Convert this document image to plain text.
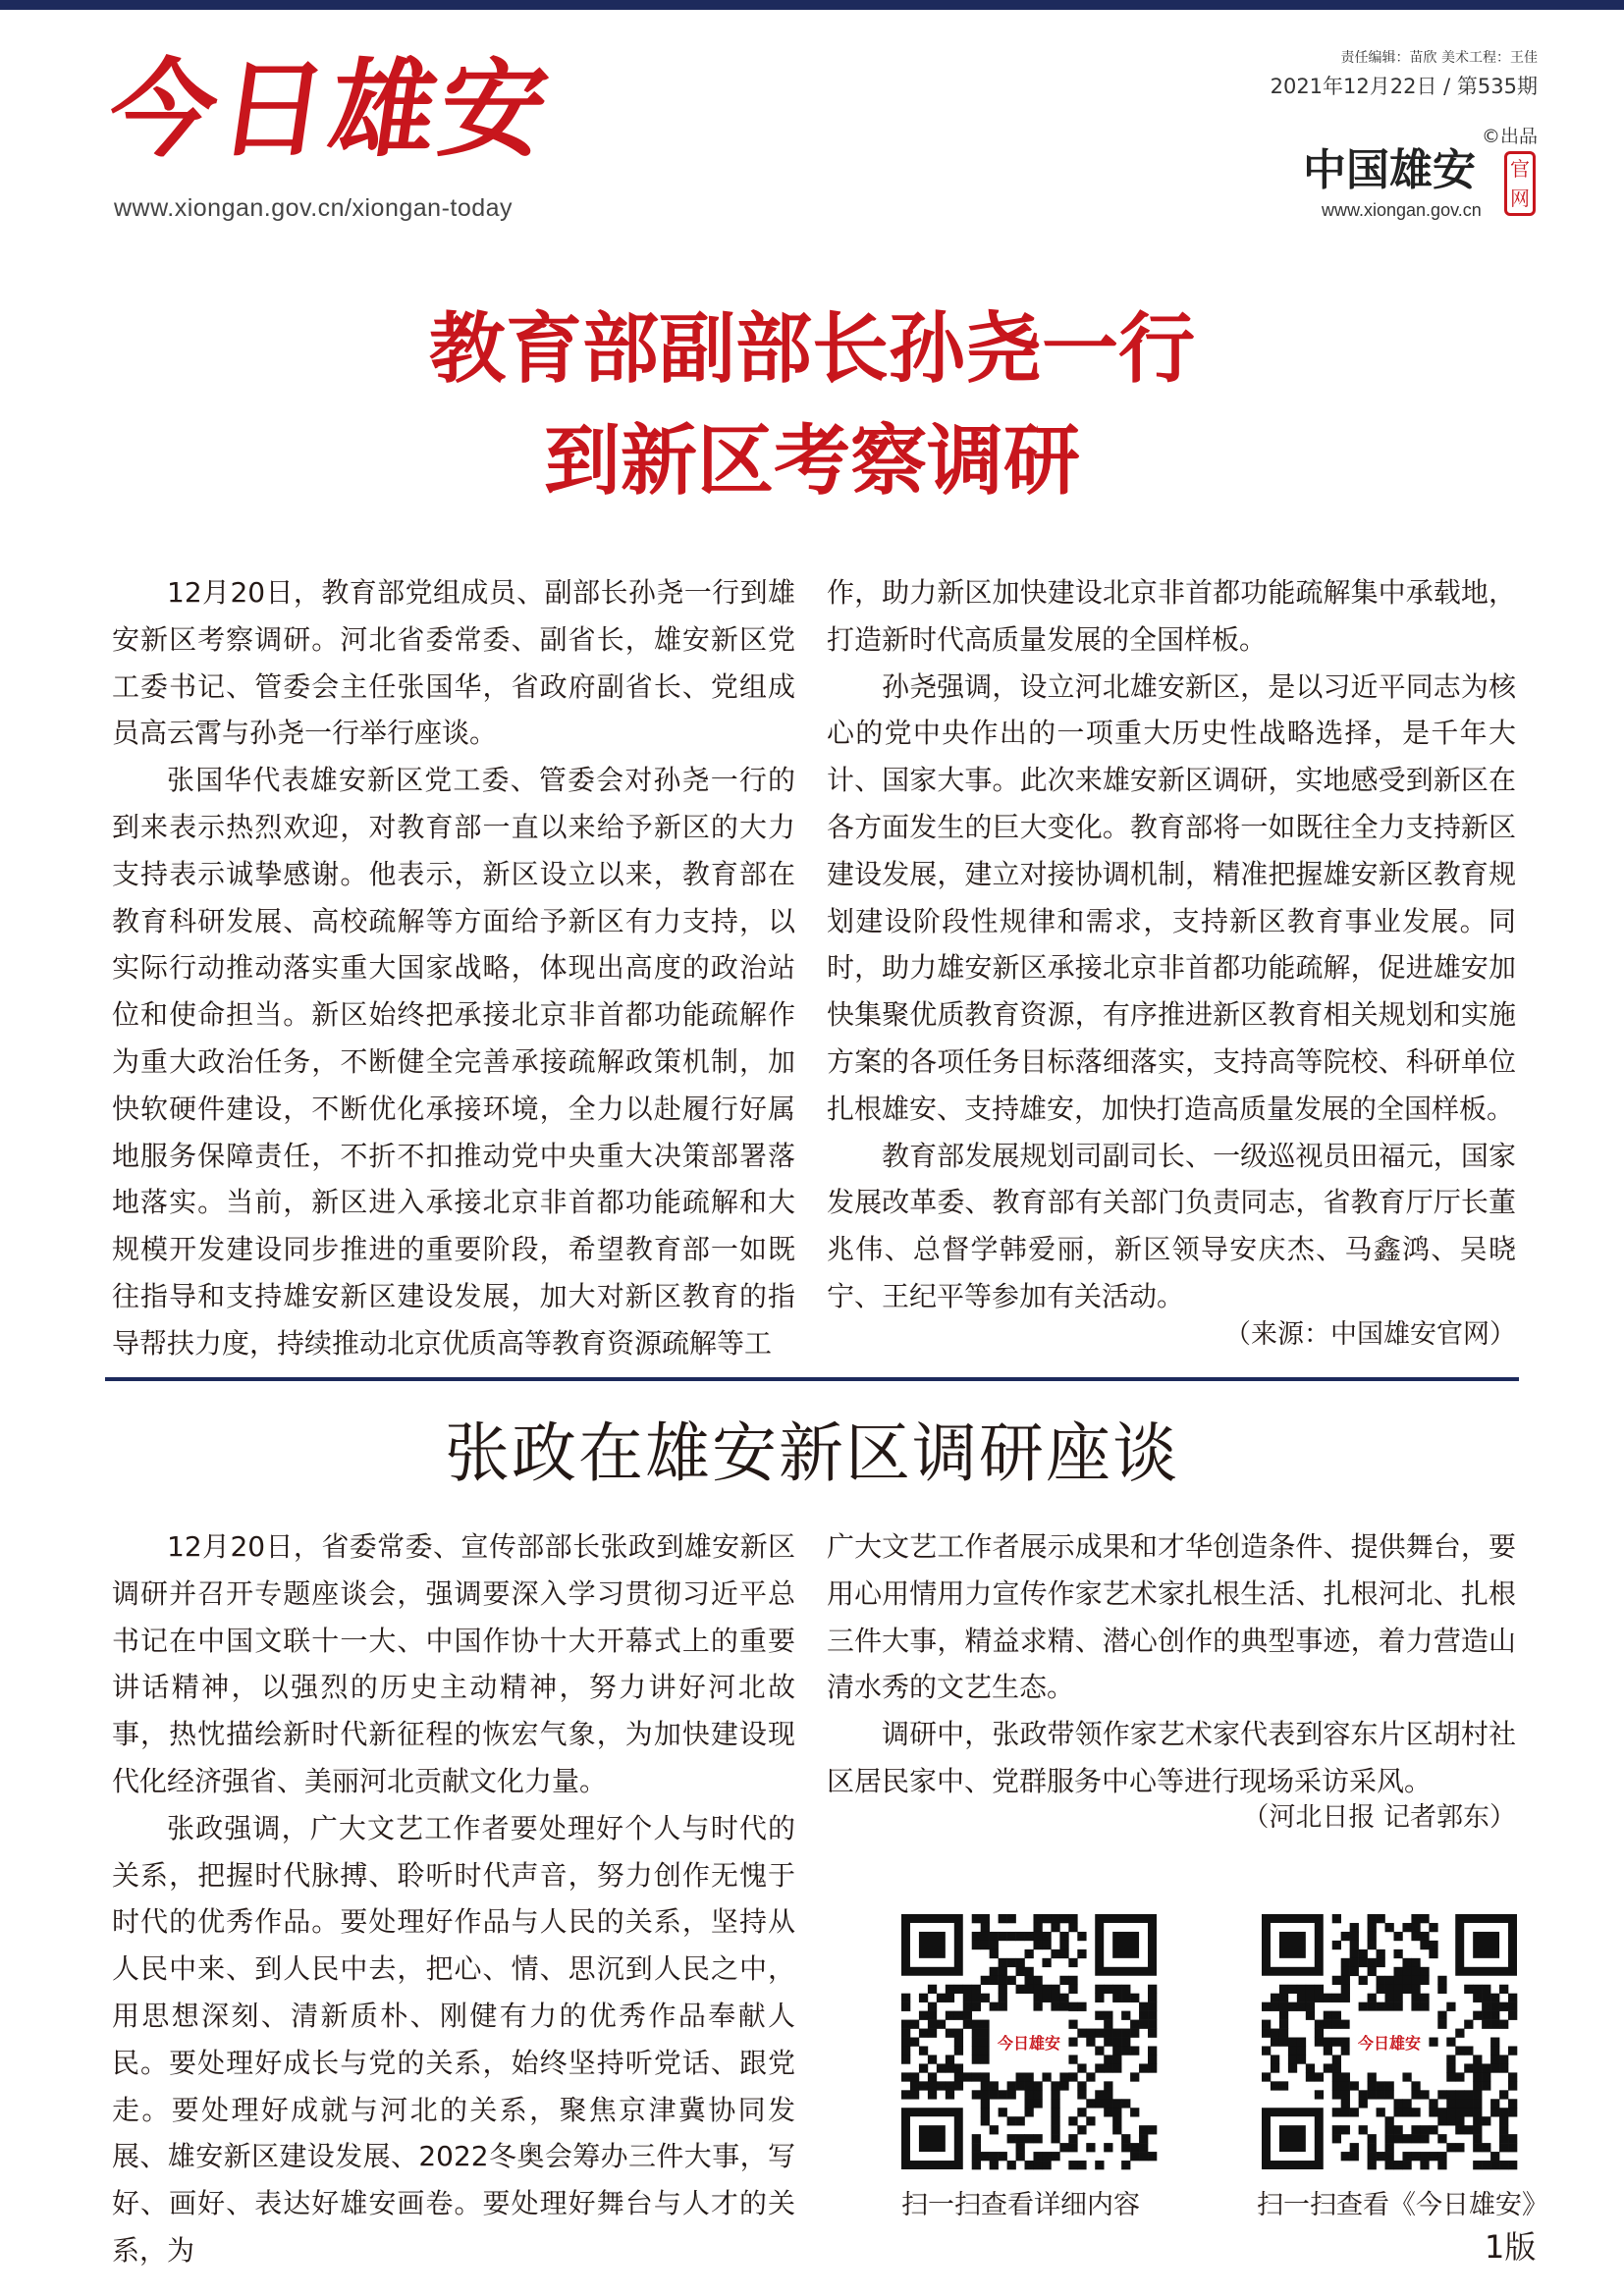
今日雄安
www.xiongan.gov.cn/xiongan-today
责任编辑：苗欣 美术工程：王佳
2021年12月22日 / 第535期
©出品
中国雄安	官网
www.xiongan.gov.cn
教育部副部长孙尧一行
到新区考察调研

12月20日，教育部党组成员、副部长孙尧一行到雄安新区考察调研。河北省委常委、副省长，雄安新区党工委书记、管委会主任张国华，省政府副省长、党组成员高云霄与孙尧一行举行座谈。

张国华代表雄安新区党工委、管委会对孙尧一行的到来表示热烈欢迎，对教育部一直以来给予新区的大力支持表示诚挚感谢。他表示，新区设立以来，教育部在教育科研发展、高校疏解等方面给予新区有力支持，以实际行动推动落实重大国家战略，体现出高度的政治站位和使命担当。新区始终把承接北京非首都功能疏解作为重大政治任务，不断健全完善承接疏解政策机制，加快软硬件建设，不断优化承接环境，全力以赴履行好属地服务保障责任，不折不扣推动党中央重大决策部署落地落实。当前，新区进入承接北京非首都功能疏解和大规模开发建设同步推进的重要阶段，希望教育部一如既往指导和支持雄安新区建设发展，加大对新区教育的指导帮扶力度，持续推动北京优质高等教育资源疏解等工

作，助力新区加快建设北京非首都功能疏解集中承载地，打造新时代高质量发展的全国样板。

孙尧强调，设立河北雄安新区，是以习近平同志为核心的党中央作出的一项重大历史性战略选择，是千年大计、国家大事。此次来雄安新区调研，实地感受到新区在各方面发生的巨大变化。教育部将一如既往全力支持新区建设发展，建立对接协调机制，精准把握雄安新区教育规划建设阶段性规律和需求，支持新区教育事业发展。同时，助力雄安新区承接北京非首都功能疏解，促进雄安加快集聚优质教育资源，有序推进新区教育相关规划和实施方案的各项任务目标落细落实，支持高等院校、科研单位扎根雄安、支持雄安，加快打造高质量发展的全国样板。

教育部发展规划司副司长、一级巡视员田福元，国家发展改革委、教育部有关部门负责同志，省教育厅厅长董兆伟、总督学韩爱丽，新区领导安庆杰、马鑫鸿、吴晓宁、王纪平等参加有关活动。

（来源：中国雄安官网）
张政在雄安新区调研座谈

12月20日，省委常委、宣传部部长张政到雄安新区调研并召开专题座谈会，强调要深入学习贯彻习近平总书记在中国文联十一大、中国作协十大开幕式上的重要讲话精神，以强烈的历史主动精神，努力讲好河北故事，热忱描绘新时代新征程的恢宏气象，为加快建设现代化经济强省、美丽河北贡献文化力量。

张政强调，广大文艺工作者要处理好个人与时代的关系，把握时代脉搏、聆听时代声音，努力创作无愧于时代的优秀作品。要处理好作品与人民的关系，坚持从人民中来、到人民中去，把心、情、思沉到人民之中，用思想深刻、清新质朴、刚健有力的优秀作品奉献人民。要处理好成长与党的关系，始终坚持听党话、跟党走。要处理好成就与河北的关系，聚焦京津冀协同发展、雄安新区建设发展、2022冬奥会筹办三件大事，写好、画好、表达好雄安画卷。要处理好舞台与人才的关系，为

广大文艺工作者展示成果和才华创造条件、提供舞台，要用心用情用力宣传作家艺术家扎根生活、扎根河北、扎根三件大事，精益求精、潜心创作的典型事迹，着力营造山清水秀的文艺生态。

调研中，张政带领作家艺术家代表到容东片区胡村社区居民家中、党群服务中心等进行现场采访采风。

（河北日报 记者郭东）
今日雄安	今日雄安
扫一扫查看详细内容	扫一扫查看《今日雄安》
1版
